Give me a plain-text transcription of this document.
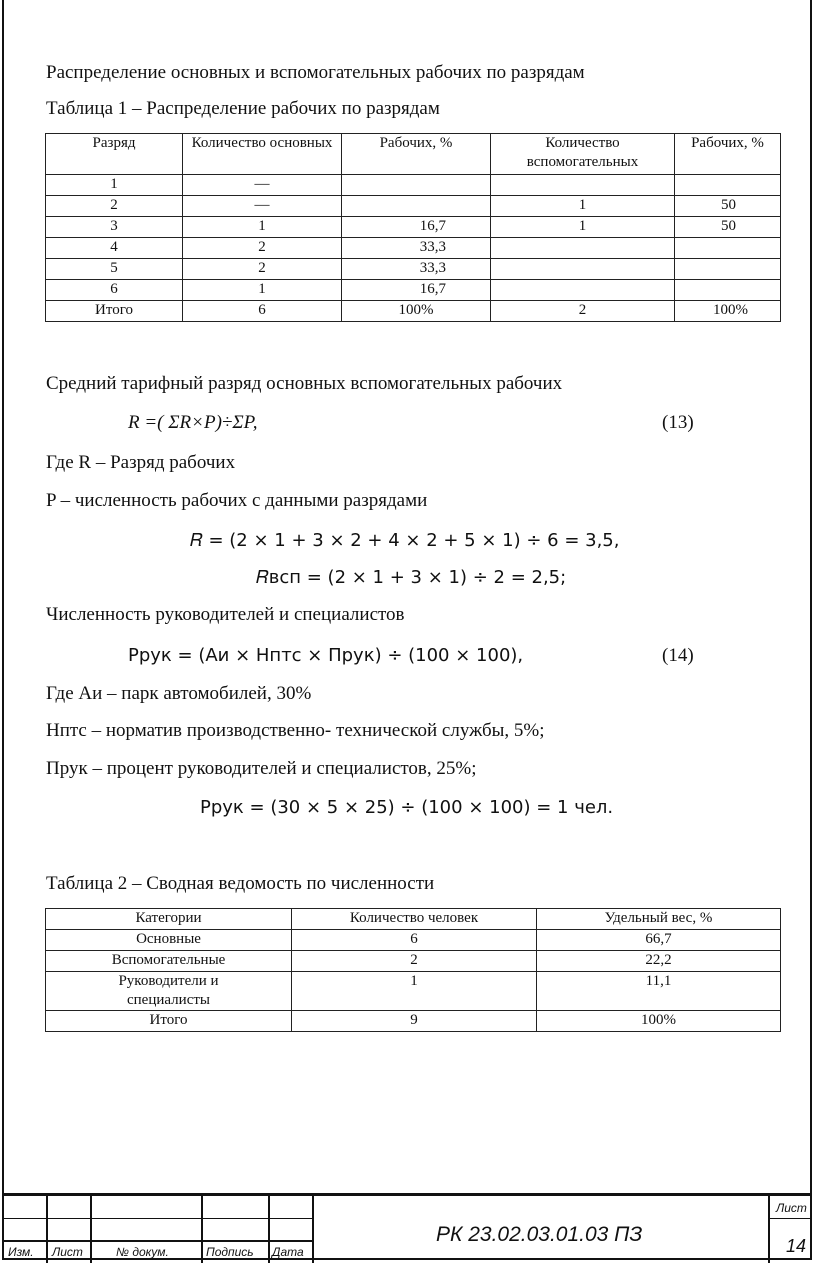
Распределение основных и вспомогательных рабочих по разрядам
Таблица 1 – Распределение рабочих по разрядам
Разряд	Количество основных	Рабочих, %	Количество вспомогательных	Рабочих, %
1	—			
2	—		1	50
3	1	16,7	1	50
4	2	33,3		
5	2	33,3		
6	1	16,7		
Итого	6	100%	2	100%
Средний тарифный разряд основных вспомогательных рабочих
R =( ΣR×P)÷ΣP,	(13)
Где R – Разряд рабочих
P – численность рабочих с данными разрядами
𝑅 = (2 × 1 + 3 × 2 + 4 × 2 + 5 × 1) ÷ 6 = 3,5,
𝑅всп = (2 × 1 + 3 × 1) ÷ 2 = 2,5;
Численность руководителей и специалистов
Ррук = (Аи × Нптс × Прук) ÷ (100 × 100),	(14)
Где Аи – парк автомобилей, 30%
Нптс – норматив производственно- технической службы, 5%;
Прук – процент руководителей и специалистов, 25%;
Ррук = (30 × 5 × 25) ÷ (100 × 100) = 1 чел.
Таблица 2 – Сводная ведомость по численности
Категории	Количество человек	Удельный вес, %
Основные	6	66,7
Вспомогательные	2	22,2
Руководители и специалисты	1	11,1
Итого	9	100%
Изм. Лист	№ докум.	Подпись Дата
РК 23.02.03.01.03 ПЗ
Лист
14
